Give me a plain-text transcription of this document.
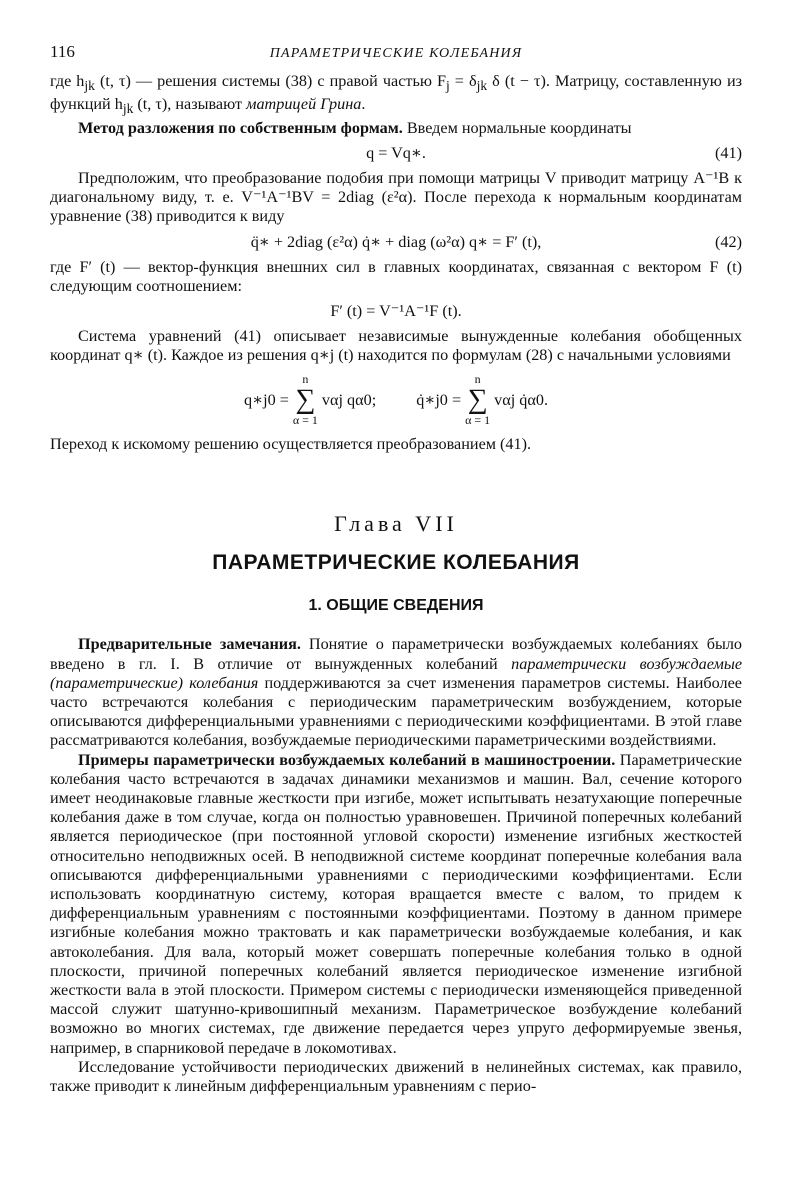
116	ПАРАМЕТРИЧЕСКИЕ КОЛЕБАНИЯ

где $h_{jk}$ (t, τ) — решения системы (38) с правой частью $F_j = \delta_{jk}$ δ (t − τ). Матрицу, составленную из функций $h_{jk}$ (t, τ), называют матрицей Грина.

Метод разложения по собственным формам. Введем нормальные координаты

q = Vq∗.	(41)

Предположим, что преобразование подобия при помощи матрицы V приводит матрицу A⁻¹B к диагональному виду, т. е. V⁻¹A⁻¹BV = 2diag (ε²α). После перехода к нормальным координатам уравнение (38) приводится к виду

q̈∗ + 2diag (ε²α) q̇∗ + diag (ω²α) q∗ = F′ (t),	(42)

где F′ (t) — вектор-функция внешних сил в главных координатах, связанная с вектором F (t) следующим соотношением:

F′ (t) = V⁻¹A⁻¹F (t).

Система уравнений (41) описывает независимые вынужденные колебания обобщенных координат q∗ (t). Каждое из решения q∗j (t) находится по формулам (28) с начальными условиями

q∗j0 =
n
∑
α = 1
vαj qα0; q̇∗j0 =
n
∑
α = 1
vαj q̇α0.

Переход к искомому решению осуществляется преобразованием (41).

Глава VII
ПАРАМЕТРИЧЕСКИЕ КОЛЕБАНИЯ
1. ОБЩИЕ СВЕДЕНИЯ

Предварительные замечания. Понятие о параметрически возбуждаемых колебаниях было введено в гл. I. В отличие от вынужденных колебаний параметрически возбуждаемые (параметрические) колебания поддерживаются за счет изменения параметров системы. Наиболее часто встречаются колебания с периодическим параметрическим возбуждением, которые описываются дифференциальными уравнениями с периодическими коэффициентами. В этой главе рассматриваются колебания, возбуждаемые периодическими параметрическими воздействиями.

Примеры параметрически возбуждаемых колебаний в машиностроении. Параметрические колебания часто встречаются в задачах динамики механизмов и машин. Вал, сечение которого имеет неодинаковые главные жесткости при изгибе, может испытывать незатухающие поперечные колебания даже в том случае, когда он полностью уравновешен. Причиной поперечных колебаний является периодическое (при постоянной угловой скорости) изменение изгибных жесткостей относительно неподвижных осей. В неподвижной системе координат поперечные колебания вала описываются дифференциальными уравнениями с периодическими коэффициентами. Если использовать координатную систему, которая вращается вместе с валом, то придем к дифференциальным уравнениям с постоянными коэффициентами. Поэтому в данном примере изгибные колебания можно трактовать и как параметрически возбуждаемые колебания, и как автоколебания. Для вала, который может совершать поперечные колебания только в одной плоскости, причиной поперечных колебаний является периодическое изменение изгибной жесткости вала в этой плоскости. Примером системы с периодически изменяющейся приведенной массой служит шатунно-кривошипный механизм. Параметрическое возбуждение колебаний возможно во многих системах, где движение передается через упруго деформируемые звенья, например, в спарниковой передаче в локомотивах.

Исследование устойчивости периодических движений в нелинейных системах, как правило, также приводит к линейным дифференциальным уравнениям с перио-
